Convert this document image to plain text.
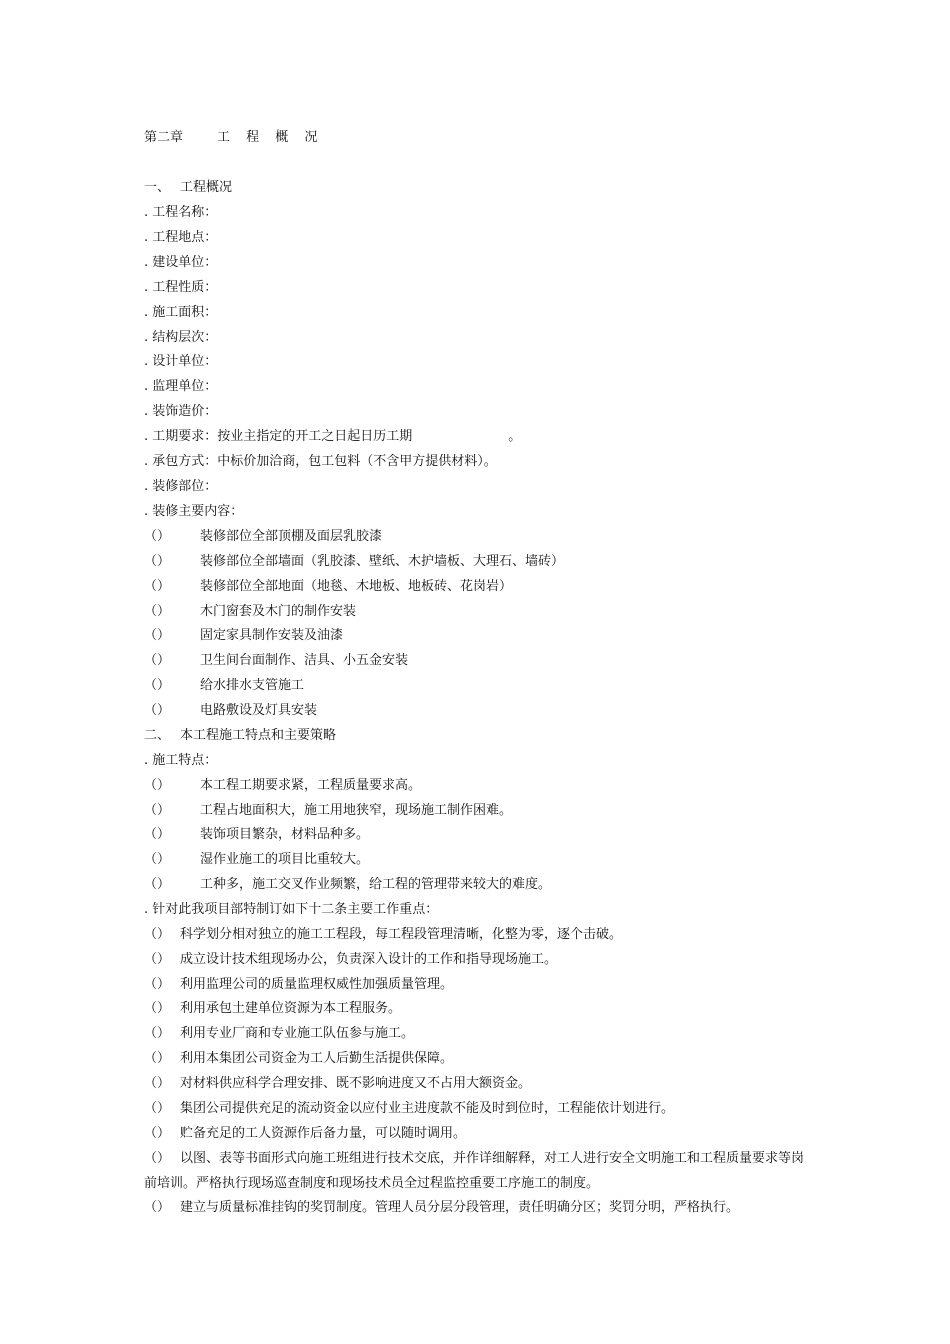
第二章	工 程 概 况
一、 工程概况
. 工程名称：
. 工程地点：
. 建设单位：
. 工程性质：
. 施工面积：
. 结构层次：
. 设计单位：
. 监理单位：
. 装饰造价：
. 工期要求：按业主指定的开工之日起日历工期	。
. 承包方式：中标价加洽商，包工包料（不含甲方提供材料）。
. 装修部位：
. 装修主要内容：
（） 装修部位全部顶棚及面层乳胶漆
（） 装修部位全部墙面（乳胶漆、壁纸、木护墙板、大理石、墙砖）
（） 装修部位全部地面（地毯、木地板、地板砖、花岗岩）
（） 木门窗套及木门的制作安装
（） 固定家具制作安装及油漆
（） 卫生间台面制作、洁具、小五金安装
（） 给水排水支管施工
（） 电路敷设及灯具安装
二、 本工程施工特点和主要策略
. 施工特点：
（） 本工程工期要求紧，工程质量要求高。
（） 工程占地面积大，施工用地狭窄，现场施工制作困难。
（） 装饰项目繁杂，材料品种多。
（） 湿作业施工的项目比重较大。
（） 工种多，施工交叉作业频繁，给工程的管理带来较大的难度。
. 针对此我项目部特制订如下十二条主要工作重点：
（） 科学划分相对独立的施工工程段，每工程段管理清晰，化整为零，逐个击破。
（） 成立设计技术组现场办公，负责深入设计的工作和指导现场施工。
（） 利用监理公司的质量监理权威性加强质量管理。
（） 利用承包土建单位资源为本工程服务。
（） 利用专业厂商和专业施工队伍参与施工。
（） 利用本集团公司资金为工人后勤生活提供保障。
（） 对材料供应科学合理安排、既不影响进度又不占用大额资金。
（） 集团公司提供充足的流动资金以应付业主进度款不能及时到位时，工程能依计划进行。
（） 贮备充足的工人资源作后备力量，可以随时调用。
（） 以图、表等书面形式向施工班组进行技术交底，并作详细解释，对工人进行安全文明施工和工程质量要求等岗前培训。严格执行现场巡查制度和现场技术员全过程监控重要工序施工的制度。
（） 建立与质量标准挂钩的奖罚制度。管理人员分层分段管理，责任明确分区；奖罚分明，严格执行。
